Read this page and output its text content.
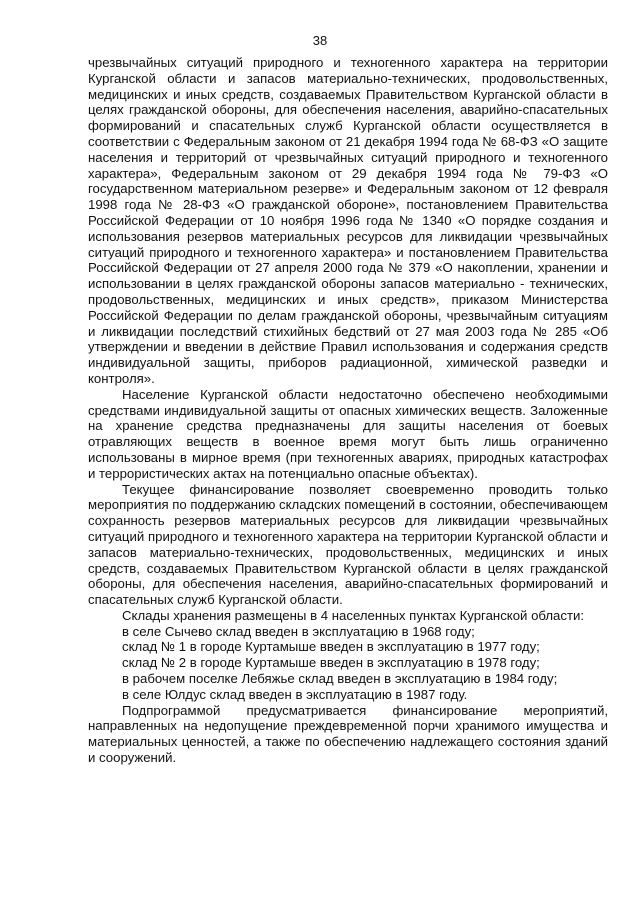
38

чрезвычайных ситуаций природного и техногенного характера на территории Курганской области и запасов материально-технических, продовольственных, медицинских и иных средств, создаваемых Правительством Курганской области в целях гражданской обороны, для обеспечения населения, аварийно-спасательных формирований и спасательных служб Курганской области осуществляется в соответствии с Федеральным законом от 21 декабря 1994 года № 68-ФЗ «О защите населения и территорий от чрезвычайных ситуаций природного и техногенного характера», Федеральным законом от 29 декабря 1994 года № 79-ФЗ «О государственном материальном резерве» и Федеральным законом от 12 февраля 1998 года № 28-ФЗ «О гражданской обороне», постановлением Правительства Российской Федерации от 10 ноября 1996 года № 1340 «О порядке создания и использования резервов материальных ресурсов для ликвидации чрезвычайных ситуаций природного и техногенного характера» и постановлением Правительства Российской Федерации от 27 апреля 2000 года № 379 «О накоплении, хранении и использовании в целях гражданской обороны запасов материально - технических, продовольственных, медицинских и иных средств», приказом Министерства Российской Федерации по делам гражданской обороны, чрезвычайным ситуациям и ликвидации последствий стихийных бедствий от 27 мая 2003 года № 285 «Об утверждении и введении в действие Правил использования и содержания средств индивидуальной защиты, приборов радиационной, химической разведки и контроля».

Население Курганской области недостаточно обеспечено необходимыми средствами индивидуальной защиты от опасных химических веществ. Заложенные на хранение средства предназначены для защиты населения от боевых отравляющих веществ в военное время могут быть лишь ограниченно использованы в мирное время (при техногенных авариях, природных катастрофах и террористических актах на потенциально опасные объектах).

Текущее финансирование позволяет своевременно проводить только мероприятия по поддержанию складских помещений в состоянии, обеспечивающем сохранность резервов материальных ресурсов для ликвидации чрезвычайных ситуаций природного и техногенного характера на территории Курганской области и запасов материально-технических, продовольственных, медицинских и иных средств, создаваемых Правительством Курганской области в целях гражданской обороны, для обеспечения населения, аварийно-спасательных формирований и спасательных служб Курганской области.

Склады хранения размещены в 4 населенных пунктах Курганской области:

в селе Сычево склад введен в эксплуатацию в 1968 году;

склад № 1 в городе Куртамыше введен в эксплуатацию в 1977 году;

склад № 2 в городе Куртамыше введен в эксплуатацию в 1978 году;

в рабочем поселке Лебяжье склад введен в эксплуатацию в 1984 году;

в селе Юлдус склад введен в эксплуатацию в 1987 году.

Подпрограммой предусматривается финансирование мероприятий, направленных на недопущение преждевременной порчи хранимого имущества и материальных ценностей, а также по обеспечению надлежащего состояния зданий и сооружений.
